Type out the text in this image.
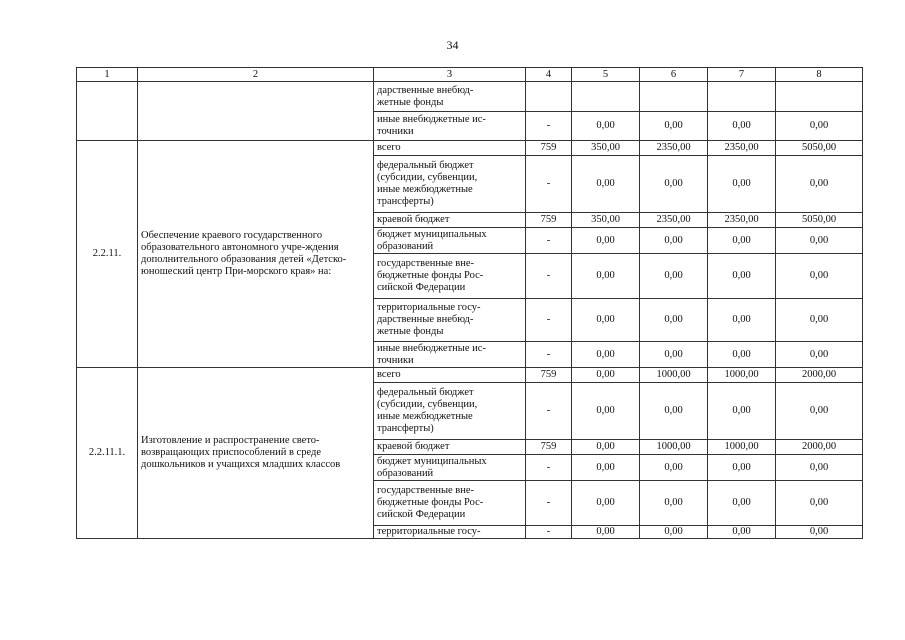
34
1	2	3	4	5	6	7	8
		дарственные внебюд-
жетные фонды					
		иные внебюджетные ис-
точники	-	0,00	0,00	0,00	0,00
2.2.11.	Обеспечение краевого государственного образовательного автономного учре-ждения дополнительного образования детей «Детско-юношеский центр При-морского края» на:	всего	759	350,00	2350,00	2350,00	5050,00
		федеральный бюджет
(субсидии, субвенции,
иные межбюджетные
трансферты)	-	0,00	0,00	0,00	0,00
		краевой бюджет	759	350,00	2350,00	2350,00	5050,00
		бюджет муниципальных
образований	-	0,00	0,00	0,00	0,00
		государственные вне-
бюджетные фонды Рос-
сийской Федерации	-	0,00	0,00	0,00	0,00
		территориальные госу-
дарственные внебюд-
жетные фонды	-	0,00	0,00	0,00	0,00
		иные внебюджетные ис-
точники	-	0,00	0,00	0,00	0,00
2.2.11.1.	Изготовление и распространение свето-возвращающих приспособлений в среде дошкольников и учащихся младших классов	всего	759	0,00	1000,00	1000,00	2000,00
		федеральный бюджет
(субсидии, субвенции,
иные межбюджетные
трансферты)	-	0,00	0,00	0,00	0,00
		краевой бюджет	759	0,00	1000,00	1000,00	2000,00
		бюджет муниципальных
образований	-	0,00	0,00	0,00	0,00
		государственные вне-
бюджетные фонды Рос-
сийской Федерации	-	0,00	0,00	0,00	0,00
		территориальные госу-	-	0,00	0,00	0,00	0,00
